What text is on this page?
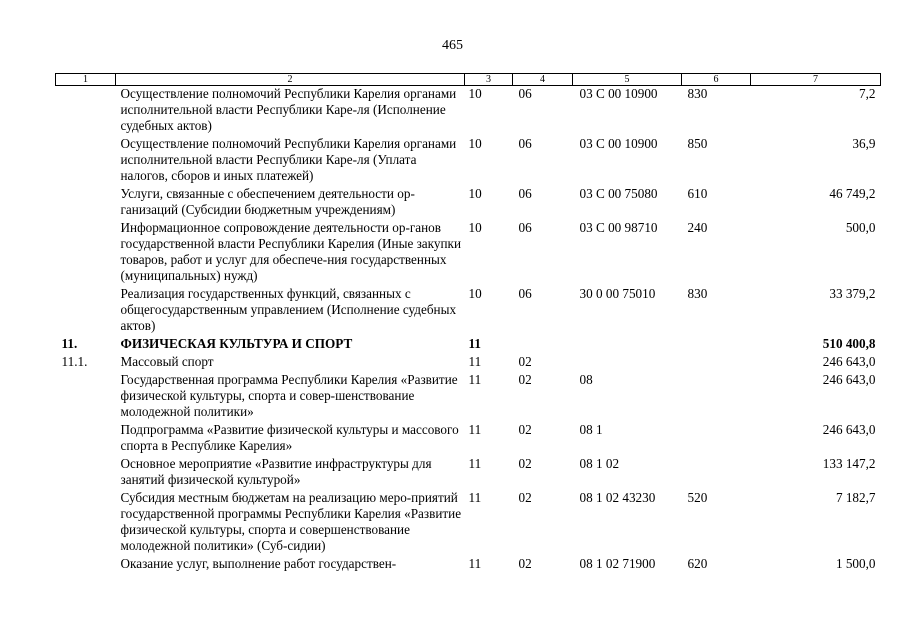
465
1	2	3	4	5	6	7
	Осуществление полномочий Республики Карелия органами исполнительной власти Республики Каре-ля (Исполнение судебных актов)	10	06	03 С 00 10900	830	7,2
	Осуществление полномочий Республики Карелия органами исполнительной власти Республики Каре-ля (Уплата налогов, сборов и иных платежей)	10	06	03 С 00 10900	850	36,9
	Услуги, связанные с обеспечением деятельности ор-ганизаций (Субсидии бюджетным учреждениям)	10	06	03 С 00 75080	610	46 749,2
	Информационное сопровождение деятельности ор-ганов государственной власти Республики Карелия (Иные закупки товаров, работ и услуг для обеспече-ния государственных (муниципальных) нужд)	10	06	03 С 00 98710	240	500,0
	Реализация государственных функций, связанных с общегосударственным управлением (Исполнение судебных актов)	10	06	30 0 00 75010	830	33 379,2
11.	ФИЗИЧЕСКАЯ КУЛЬТУРА И СПОРТ	11				510 400,8
11.1.	Массовый спорт	11	02			246 643,0
	Государственная программа Республики Карелия «Развитие физической культуры, спорта и совер-шенствование молодежной политики»	11	02	08		246 643,0
	Подпрограмма «Развитие физической культуры и массового спорта в Республике Карелия»	11	02	08 1		246 643,0
	Основное мероприятие «Развитие инфраструктуры для занятий физической культурой»	11	02	08 1 02		133 147,2
	Субсидия местным бюджетам на реализацию меро-приятий государственной программы Республики Карелия «Развитие физической культуры, спорта и совершенствование молодежной политики» (Суб-сидии)	11	02	08 1 02 43230	520	7 182,7
	Оказание услуг, выполнение работ государствен-	11	02	08 1 02 71900	620	1 500,0
